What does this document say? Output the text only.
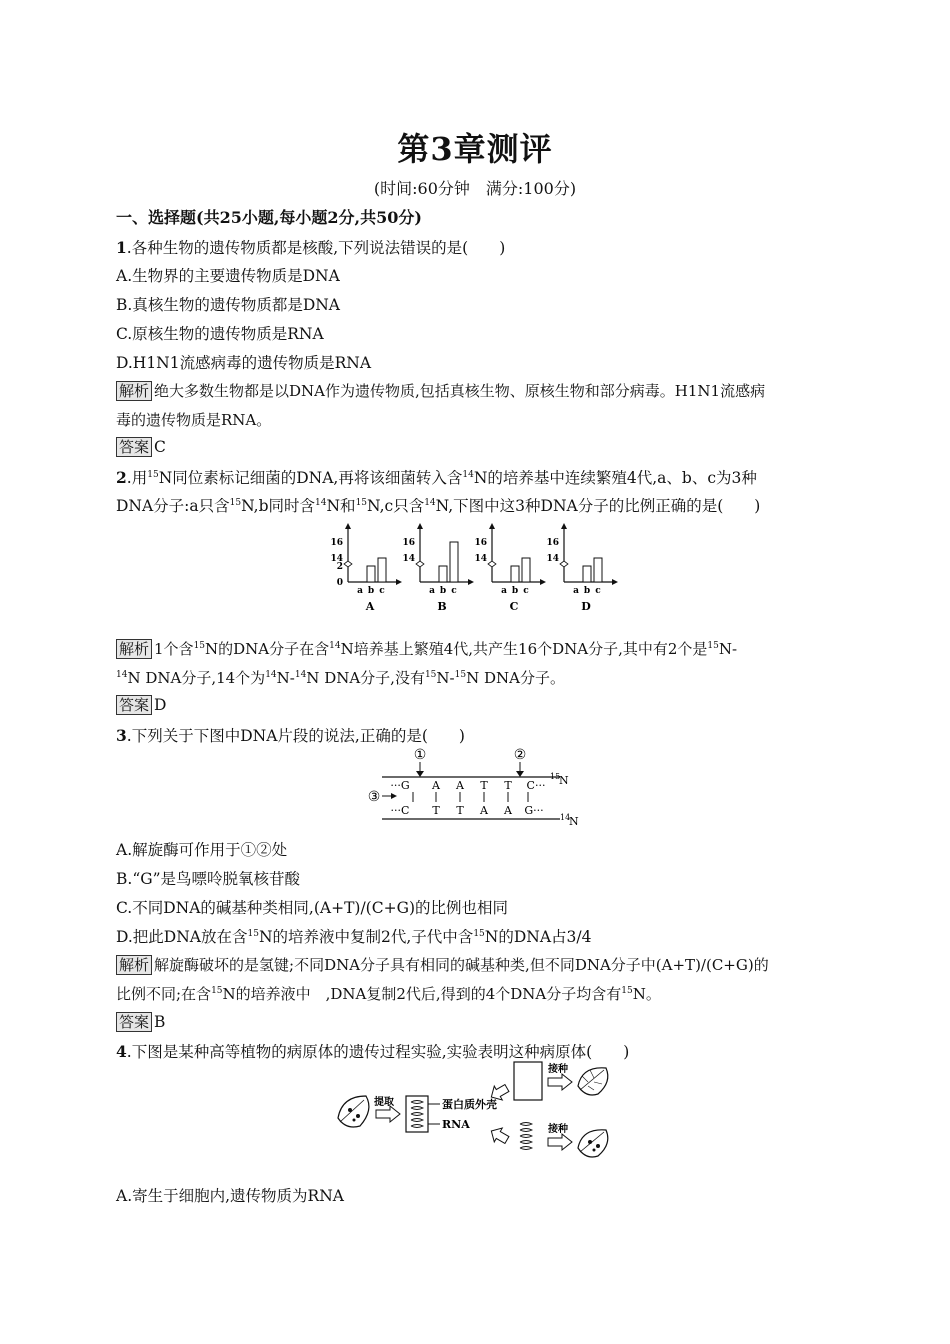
第3章测评
(时间:60分钟　满分:100分)
一、选择题(共25小题,每小题2分,共50分)
1.各种生物的遗传物质都是核酸,下列说法错误的是(　　)
A.生物界的主要遗传物质是DNA
B.真核生物的遗传物质都是DNA
C.原核生物的遗传物质是RNA
D.H1N1流感病毒的遗传物质是RNA
解析 绝大多数生物都是以DNA作为遗传物质,包括真核生物、原核生物和部分病毒。H1N1流感病
毒的遗传物质是RNA。
答案 C
2.用$^{15}$N同位素标记细菌的DNA,再将该细菌转入含$^{14}$N的培养基中连续繁殖4代,a、b、c为3种
DNA分子:a只含$^{15}$N,b同时含$^{14}$N和$^{15}$N,c只含$^{14}$N,下图中这3种DNA分子的比例正确的是(　　)
16
14
2
0
a b c
A
16
14
a b c
B
16
14
a b c
C
16
14
a b c
D
解析 1个含$^{15}$N的DNA分子在含$^{14}$N培养基上繁殖4代,共产生16个DNA分子,其中有2个是$^{15}$N-
$^{14}$N DNA分子,14个为$^{14}$N-$^{14}$N DNA分子,没有$^{15}$N-$^{15}$N DNA分子。
答案 D
3.下列关于下图中DNA片段的说法,正确的是(　　)
①	②
15
N
···G A A T T C···
③
···C T T A A G···
14
N
A.解旋酶可作用于①②处
B.“G”是鸟嘌呤脱氧核苷酸
C.不同DNA的碱基种类相同,(A+T)/(C+G)的比例也相同
D.把此DNA放在含$^{15}$N的培养液中复制2代,子代中含$^{15}$N的DNA占3/4
解析 解旋酶破坏的是氢键;不同DNA分子具有相同的碱基种类,但不同DNA分子中(A+T)/(C+G)的
比例不同;在含$^{15}$N的培养液中　,DNA复制2代后,得到的4个DNA分子均含有$^{15}$N。
答案 B
4.下图是某种高等植物的病原体的遗传过程实验,实验表明这种病原体(　　)
提取	蛋白质外壳
RNA
接种
接种
A.寄生于细胞内,遗传物质为RNA
